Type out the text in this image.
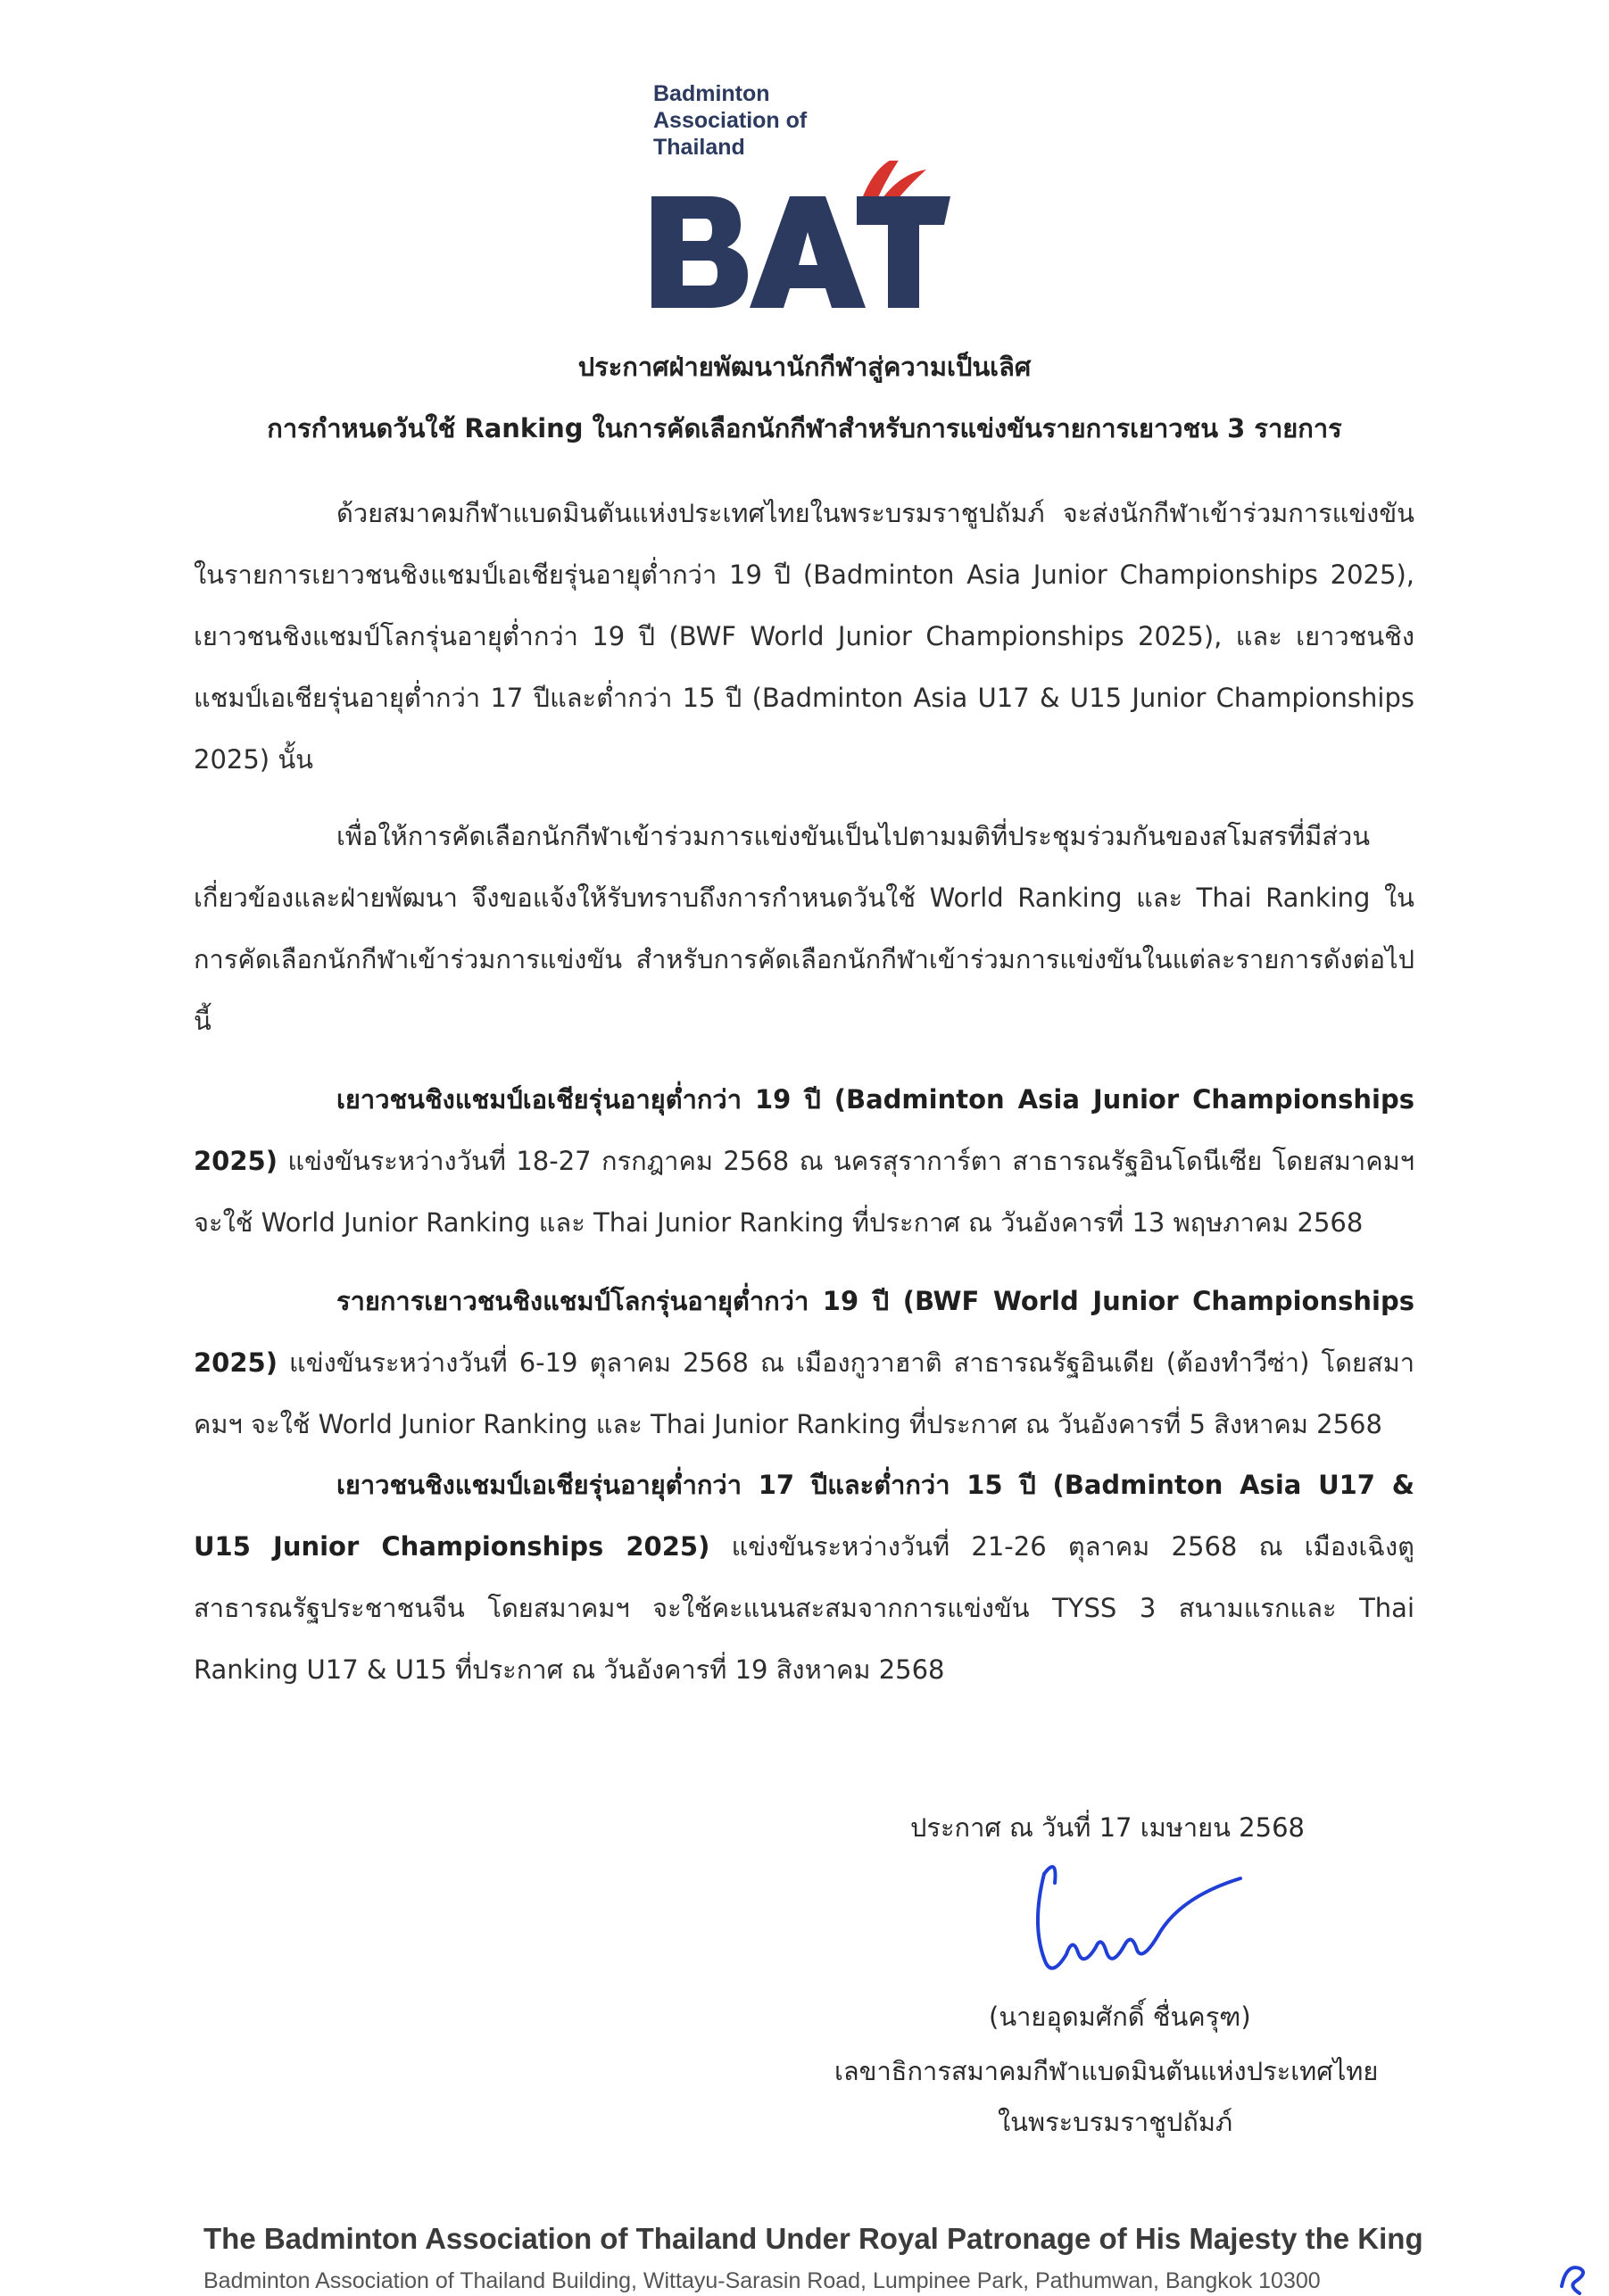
Badminton
Association of
Thailand
ประกาศฝ่ายพัฒนานักกีฬาสู่ความเป็นเลิศ
การกำหนดวันใช้ Ranking ในการคัดเลือกนักกีฬาสำหรับการแข่งขันรายการเยาวชน 3 รายการ

ด้วยสมาคมกีฬาแบดมินตันแห่งประเทศไทยในพระบรมราชูปถัมภ์ จะส่งนักกีฬาเข้าร่วมการแข่งขันในรายการเยาวชนชิงแชมป์เอเชียรุ่นอายุต่ำกว่า 19 ปี (Badminton Asia Junior Championships 2025), เยาวชนชิงแชมป์โลกรุ่นอายุต่ำกว่า 19 ปี (BWF World Junior Championships 2025), และ เยาวชนชิงแชมป์เอเชียรุ่นอายุต่ำกว่า 17 ปีและต่ำกว่า 15 ปี (Badminton Asia U17 & U15 Junior Championships 2025) นั้น

เพื่อให้การคัดเลือกนักกีฬาเข้าร่วมการแข่งขันเป็นไปตามมติที่ประชุมร่วมกันของสโมสรที่มีส่วนเกี่ยวข้องและฝ่ายพัฒนา จึงขอแจ้งให้รับทราบถึงการกำหนดวันใช้ World Ranking และ Thai Ranking ในการคัดเลือกนักกีฬาเข้าร่วมการแข่งขัน สำหรับการคัดเลือกนักกีฬาเข้าร่วมการแข่งขันในแต่ละรายการดังต่อไปนี้

เยาวชนชิงแชมป์เอเชียรุ่นอายุต่ำกว่า 19 ปี (Badminton Asia Junior Championships 2025) แข่งขันระหว่างวันที่ 18-27 กรกฎาคม 2568 ณ นครสุราการ์ตา สาธารณรัฐอินโดนีเซีย โดยสมาคมฯ จะใช้ World Junior Ranking และ Thai Junior Ranking ที่ประกาศ ณ วันอังคารที่ 13 พฤษภาคม 2568

รายการเยาวชนชิงแชมป์โลกรุ่นอายุต่ำกว่า 19 ปี (BWF World Junior Championships 2025) แข่งขันระหว่างวันที่ 6-19 ตุลาคม 2568 ณ เมืองกูวาฮาติ สาธารณรัฐอินเดีย (ต้องทำวีซ่า) โดยสมาคมฯ จะใช้ World Junior Ranking และ Thai Junior Ranking ที่ประกาศ ณ วันอังคารที่ 5 สิงหาคม 2568

เยาวชนชิงแชมป์เอเชียรุ่นอายุต่ำกว่า 17 ปีและต่ำกว่า 15 ปี (Badminton Asia U17 & U15 Junior Championships 2025) แข่งขันระหว่างวันที่ 21-26 ตุลาคม 2568 ณ เมืองเฉิงตู สาธารณรัฐประชาชนจีน โดยสมาคมฯ จะใช้คะแนนสะสมจากการแข่งขัน TYSS 3 สนามแรกและ Thai Ranking U17 & U15 ที่ประกาศ ณ วันอังคารที่ 19 สิงหาคม 2568

ประกาศ ณ วันที่ 17 เมษายน 2568
(นายอุดมศักดิ์ ชื่นครุฑ)
เลขาธิการสมาคมกีฬาแบดมินตันแห่งประเทศไทย
ในพระบรมราชูปถัมภ์
The Badminton Association of Thailand Under Royal Patronage of His Majesty the King
Badminton Association of Thailand Building, Wittayu-Sarasin Road, Lumpinee Park, Pathumwan, Bangkok 10300
